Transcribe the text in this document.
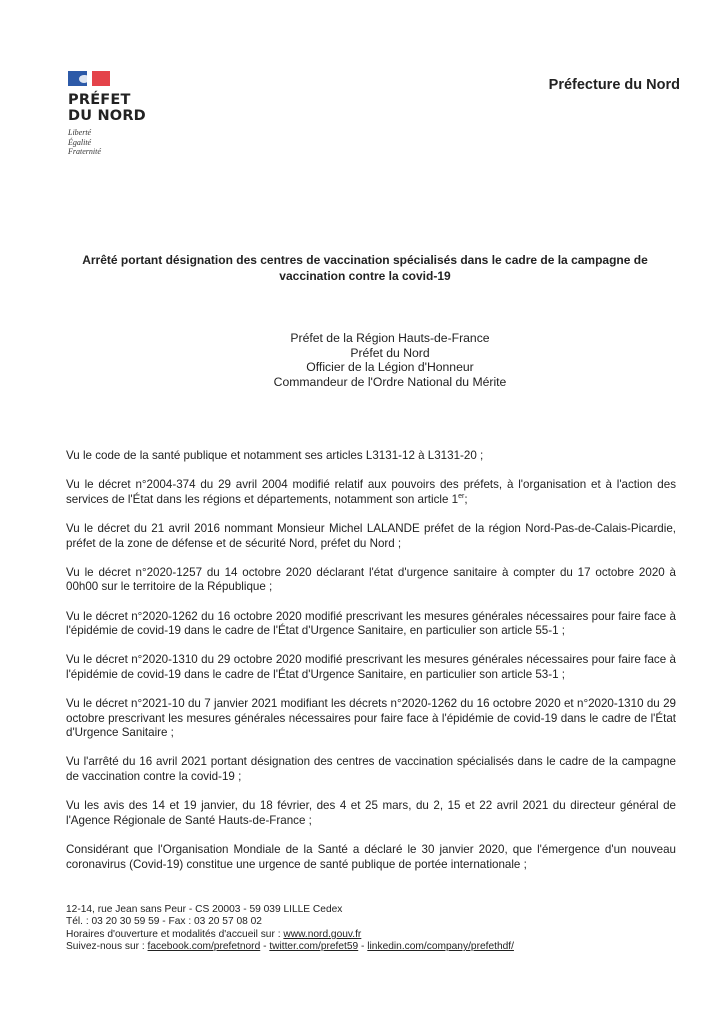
PRÉFET
DU NORD
Liberté
Égalité
Fraternité
Préfecture du Nord
Arrêté portant désignation des centres de vaccination spécialisés dans le cadre de la campagne de
vaccination contre la covid-19
Préfet de la Région Hauts-de-France
Préfet du Nord
Officier de la Légion d'Honneur
Commandeur de l'Ordre National du Mérite

Vu le code de la santé publique et notamment ses articles L3131-12 à L3131-20 ;

Vu le décret n°2004-374 du 29 avril 2004 modifié relatif aux pouvoirs des préfets, à l'organisation et à l'action des services de l'État dans les régions et départements, notamment son article 1er;

Vu le décret du 21 avril 2016 nommant Monsieur Michel LALANDE préfet de la région Nord-Pas-de-Calais-Picardie, préfet de la zone de défense et de sécurité Nord, préfet du Nord ;

Vu le décret n°2020-1257 du 14 octobre 2020 déclarant l'état d'urgence sanitaire à compter du 17 octobre 2020 à 00h00 sur le territoire de la République ;

Vu le décret n°2020-1262 du 16 octobre 2020 modifié prescrivant les mesures générales nécessaires pour faire face à l'épidémie de covid-19 dans le cadre de l'État d'Urgence Sanitaire, en particulier son article 55-1 ;

Vu le décret n°2020-1310 du 29 octobre 2020 modifié prescrivant les mesures générales nécessaires pour faire face à l'épidémie de covid-19 dans le cadre de l'État d'Urgence Sanitaire, en particulier son article 53-1 ;

Vu le décret n°2021-10 du 7 janvier 2021 modifiant les décrets n°2020-1262 du 16 octobre 2020 et n°2020-1310 du 29 octobre prescrivant les mesures générales nécessaires pour faire face à l'épidémie de covid-19 dans le cadre de l'État d'Urgence Sanitaire ;

Vu l'arrêté du 16 avril 2021 portant désignation des centres de vaccination spécialisés dans le cadre de la campagne de vaccination contre la covid-19 ;

Vu les avis des 14 et 19 janvier, du 18 février, des 4 et 25 mars, du 2, 15 et 22 avril 2021 du directeur général de l'Agence Régionale de Santé Hauts-de-France ;

Considérant que l'Organisation Mondiale de la Santé a déclaré le 30 janvier 2020, que l'émergence d'un nouveau coronavirus (Covid-19) constitue une urgence de santé publique de portée internationale ;

12-14, rue Jean sans Peur - CS 20003 - 59 039 LILLE Cedex
Tél. : 03 20 30 59 59 - Fax : 03 20 57 08 02
Horaires d'ouverture et modalités d'accueil sur : www.nord.gouv.fr
Suivez-nous sur : facebook.com/prefetnord - twitter.com/prefet59 - linkedin.com/company/prefethdf/
